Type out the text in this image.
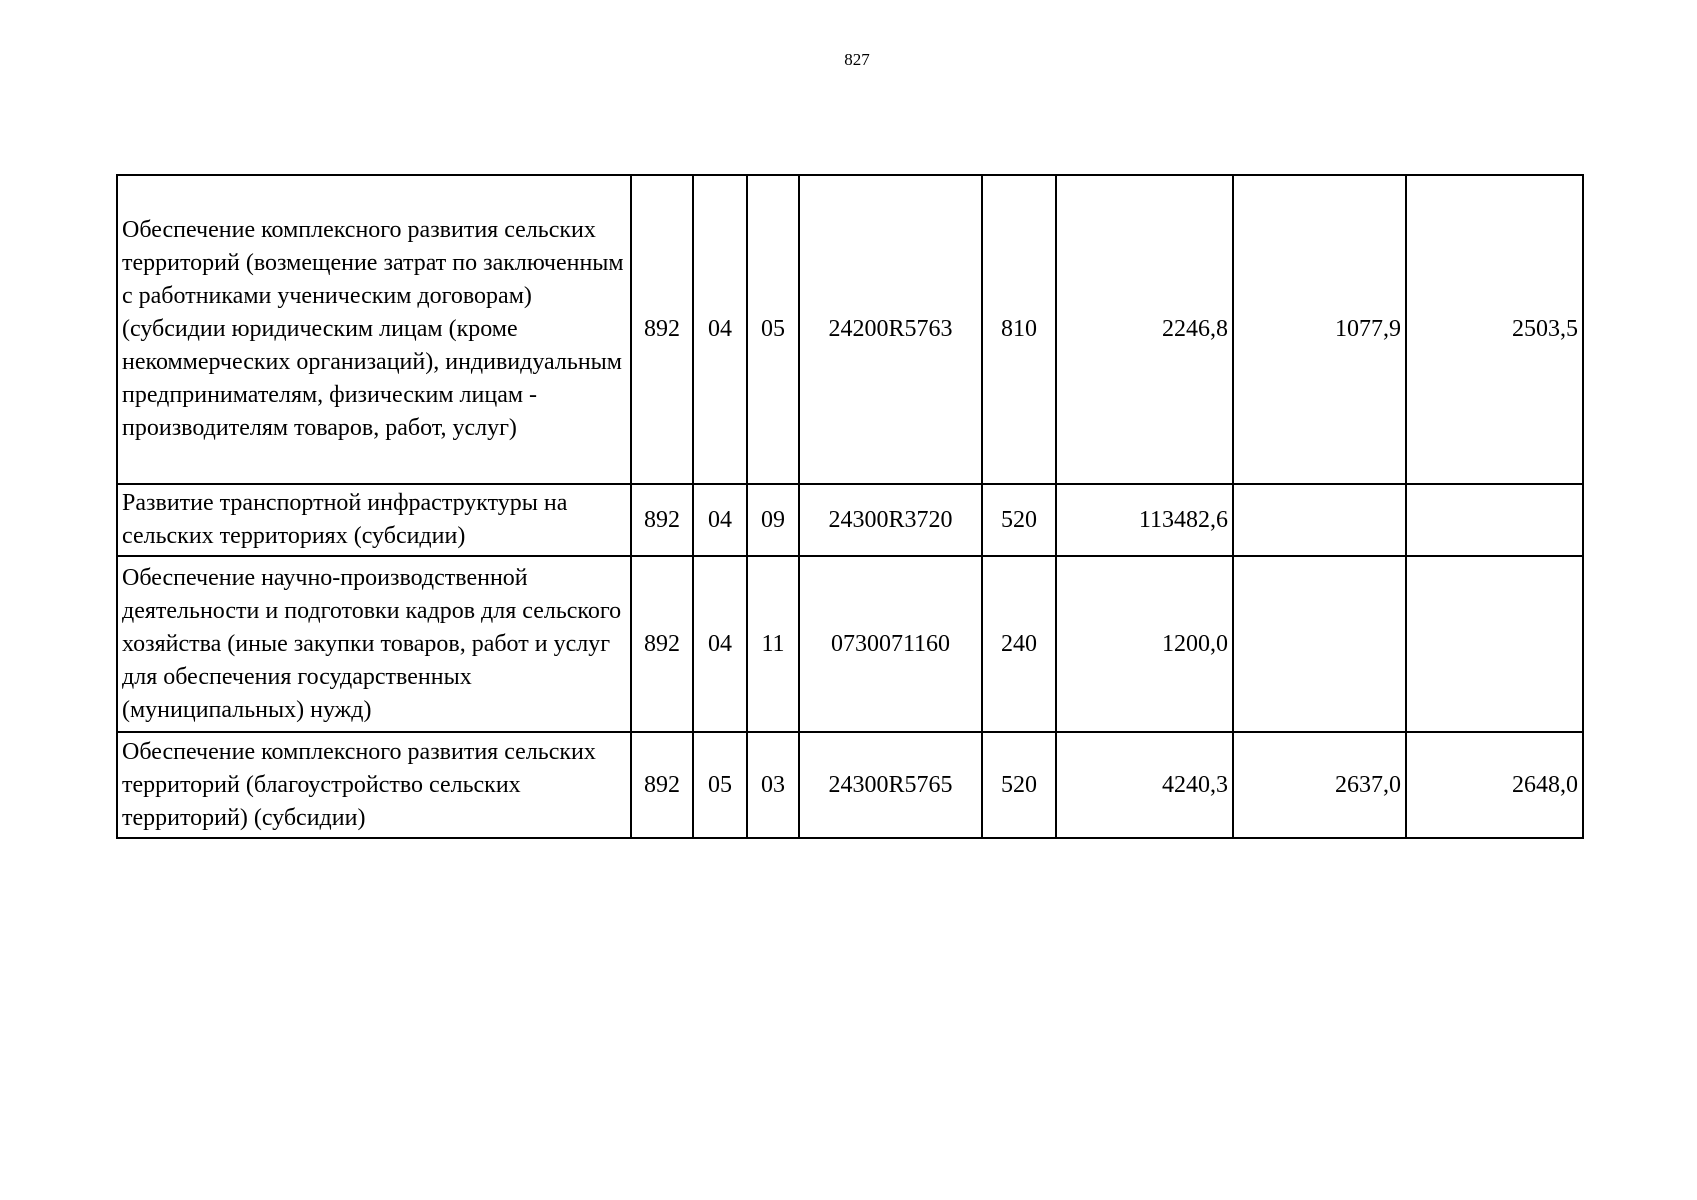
827
Обеспечение комплексного развития сельских территорий (возмещение затрат по заключенным с работниками ученическим договорам) (субсидии юридическим лицам (кроме некоммерческих организаций), индивидуальным предпринимателям, физическим лицам - производителям товаров, работ, услуг)	892	04	05	24200R5763	810	2246,8	1077,9	2503,5
Развитие транспортной инфраструктуры на сельских территориях (субсидии)	892	04	09	24300R3720	520	113482,6		
Обеспечение научно-производственной деятельности и подготовки кадров для сельского хозяйства (иные закупки товаров, работ и услуг для обеспечения государственных (муниципальных) нужд)	892	04	11	0730071160	240	1200,0		
Обеспечение комплексного развития сельских территорий (благоустройство сельских территорий) (субсидии)	892	05	03	24300R5765	520	4240,3	2637,0	2648,0
